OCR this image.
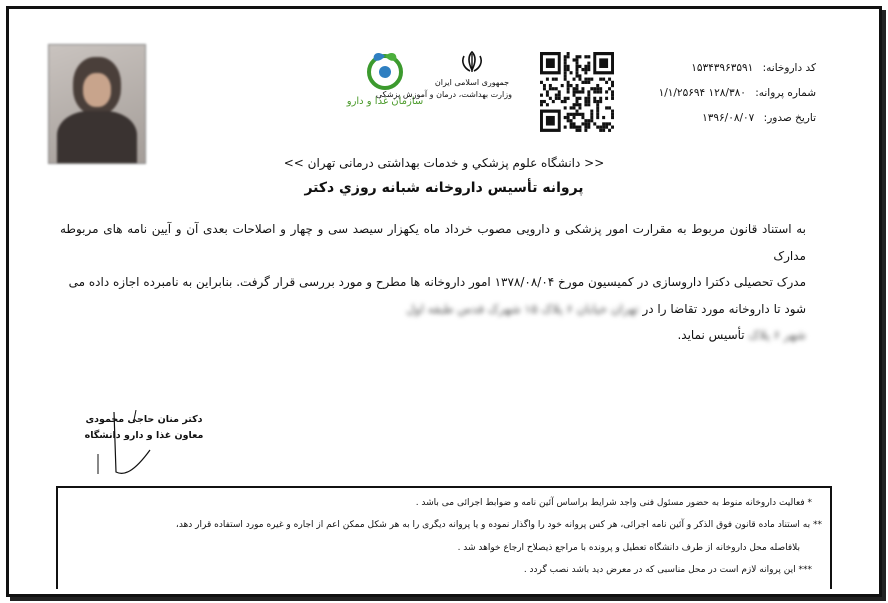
سازمان غذا و دارو
جمهوری اسلامی ایران
وزارت بهداشت، درمان و آموزش پزشکی
کد داروخانه: ۱۵۳۴۳۹۶۳۵۹۱
شماره پروانه: ۱۲۸/۳۸۰ ۱/۱/۲۵۶۹۴
تاریخ صدور: ۱۳۹۶/۰۸/۰۷
<< دانشگاه علوم پزشکي و خدمات بهداشتی درمانی تهران >>
پروانه تأسیس داروخانه شبانه روزي دکتر

به استناد قانون مربوط به مقرارت امور پزشکی و دارویی مصوب خرداد ماه یکهزار سیصد سی و چهار و اصلاحات بعدی آن و آیین نامه های مربوطه مدارک

مدرک تحصیلی دکترا داروسازی در کمیسیون مورخ ۱۳۷۸/۰۸/۰۴ امور داروخانه ها مطرح و مورد بررسی قرار گرفت. بنابراین به نامبرده اجازه داده می

شود تا داروخانه مورد تقاضا را در تهران خیابان ۶ پلاک ۱۵ شهرک قدس طبقه اول

شهر ۶ پلاک تأسیس نماید.

دکتر منان حاجی محمودی
معاون غذا و دارو دانشگاه
* فعالیت داروخانه منوط به حضور مسئول فنی واجد شرایط براساس آئین نامه و ضوابط اجرائی می باشد .
** به استناد ماده قانون فوق الذکر و آئین نامه اجرائی، هر کس پروانه خود را واگذار نموده و یا پروانه دیگری را به هر شکل ممکن اعم از اجاره و غیره مورد استفاده قرار دهد،
بلافاصله محل داروخانه از طرف دانشگاه تعطیل و پرونده با مراجع ذیصلاح ارجاع خواهد شد .
*** این پروانه لازم است در محل مناسبی که در معرض دید باشد نصب گردد .
